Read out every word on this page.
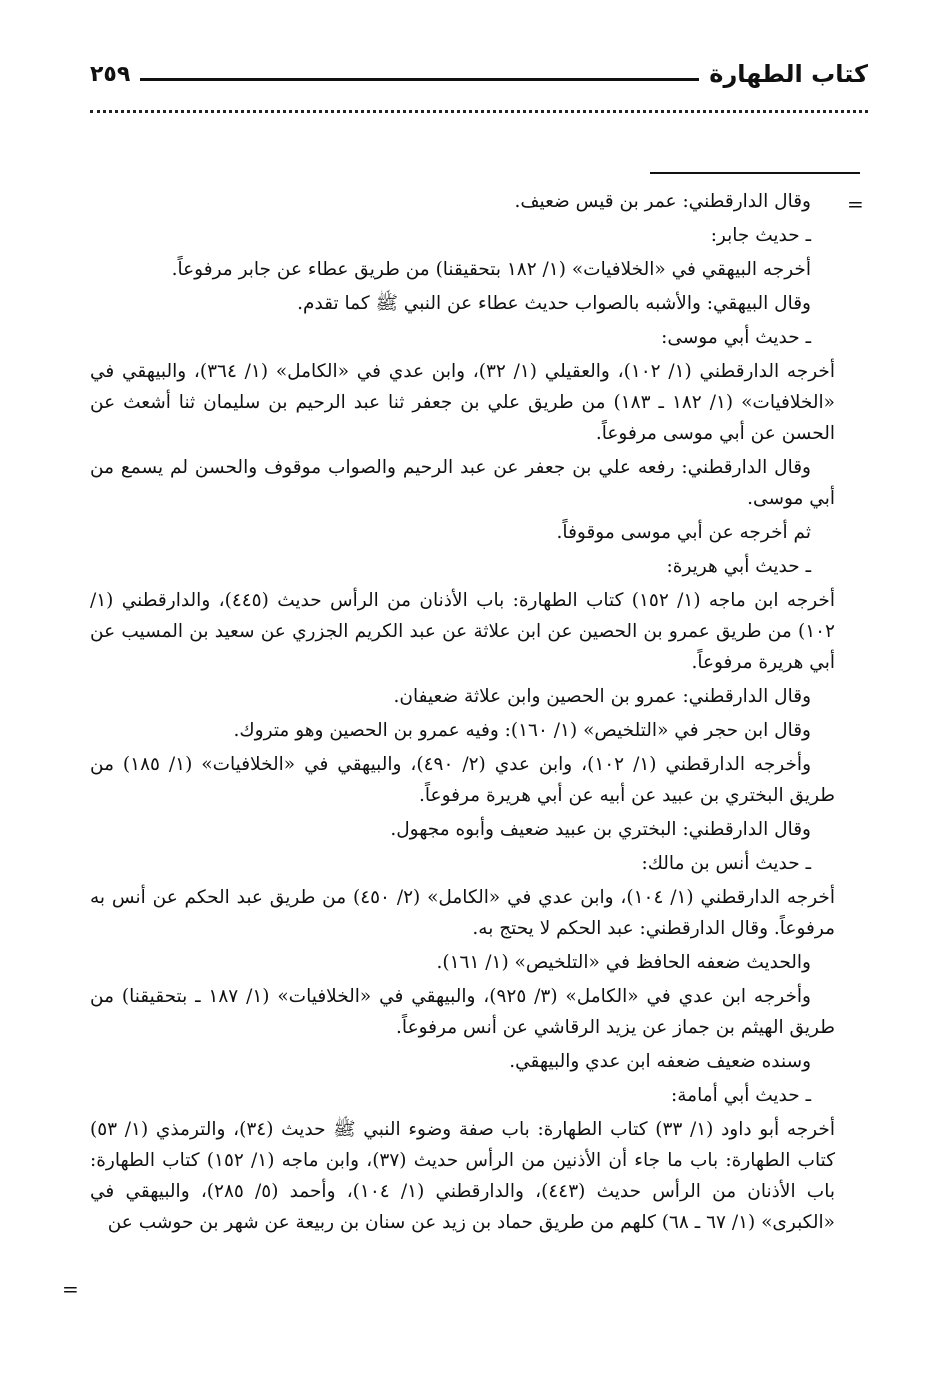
كتاب الطهارة
٢٥٩
=

وقال الدارقطني: عمر بن قيس ضعيف.

ـ حديث جابر:

أخرجه البيهقي في «الخلافيات» (١/ ١٨٢ بتحقيقنا) من طريق عطاء عن جابر مرفوعاً.

وقال البيهقي: والأشبه بالصواب حديث عطاء عن النبي ﷺ كما تقدم.

ـ حديث أبي موسى:

أخرجه الدارقطني (١/ ١٠٢)، والعقيلي (١/ ٣٢)، وابن عدي في «الكامل» (١/ ٣٦٤)، والبيهقي في «الخلافيات» (١/ ١٨٢ ـ ١٨٣) من طريق علي بن جعفر ثنا عبد الرحيم بن سليمان ثنا أشعث عن الحسن عن أبي موسى مرفوعاً.

وقال الدارقطني: رفعه علي بن جعفر عن عبد الرحيم والصواب موقوف والحسن لم يسمع من أبي موسى.

ثم أخرجه عن أبي موسى موقوفاً.

ـ حديث أبي هريرة:

أخرجه ابن ماجه (١/ ١٥٢) كتاب الطهارة: باب الأذنان من الرأس حديث (٤٤٥)، والدارقطني (١/ ١٠٢) من طريق عمرو بن الحصين عن ابن علاثة عن عبد الكريم الجزري عن سعيد بن المسيب عن أبي هريرة مرفوعاً.

وقال الدارقطني: عمرو بن الحصين وابن علاثة ضعيفان.

وقال ابن حجر في «التلخيص» (١/ ١٦٠): وفيه عمرو بن الحصين وهو متروك.

وأخرجه الدارقطني (١/ ١٠٢)، وابن عدي (٢/ ٤٩٠)، والبيهقي في «الخلافيات» (١/ ١٨٥) من طريق البختري بن عبيد عن أبيه عن أبي هريرة مرفوعاً.

وقال الدارقطني: البختري بن عبيد ضعيف وأبوه مجهول.

ـ حديث أنس بن مالك:

أخرجه الدارقطني (١/ ١٠٤)، وابن عدي في «الكامل» (٢/ ٤٥٠) من طريق عبد الحكم عن أنس به مرفوعاً. وقال الدارقطني: عبد الحكم لا يحتج به.

والحديث ضعفه الحافظ في «التلخيص» (١/ ١٦١).

وأخرجه ابن عدي في «الكامل» (٣/ ٩٢٥)، والبيهقي في «الخلافيات» (١/ ١٨٧ ـ بتحقيقنا) من طريق الهيثم بن جماز عن يزيد الرقاشي عن أنس مرفوعاً.

وسنده ضعيف ضعفه ابن عدي والبيهقي.

ـ حديث أبي أمامة:

أخرجه أبو داود (١/ ٣٣) كتاب الطهارة: باب صفة وضوء النبي ﷺ حديث (٣٤)، والترمذي (١/ ٥٣) كتاب الطهارة: باب ما جاء أن الأذنين من الرأس حديث (٣٧)، وابن ماجه (١/ ١٥٢) كتاب الطهارة: باب الأذنان من الرأس حديث (٤٤٣)، والدارقطني (١/ ١٠٤)، وأحمد (٥/ ٢٨٥)، والبيهقي في «الكبرى» (١/ ٦٧ ـ ٦٨) كلهم من طريق حماد بن زيد عن سنان بن ربيعة عن شهر بن حوشب عن

=
